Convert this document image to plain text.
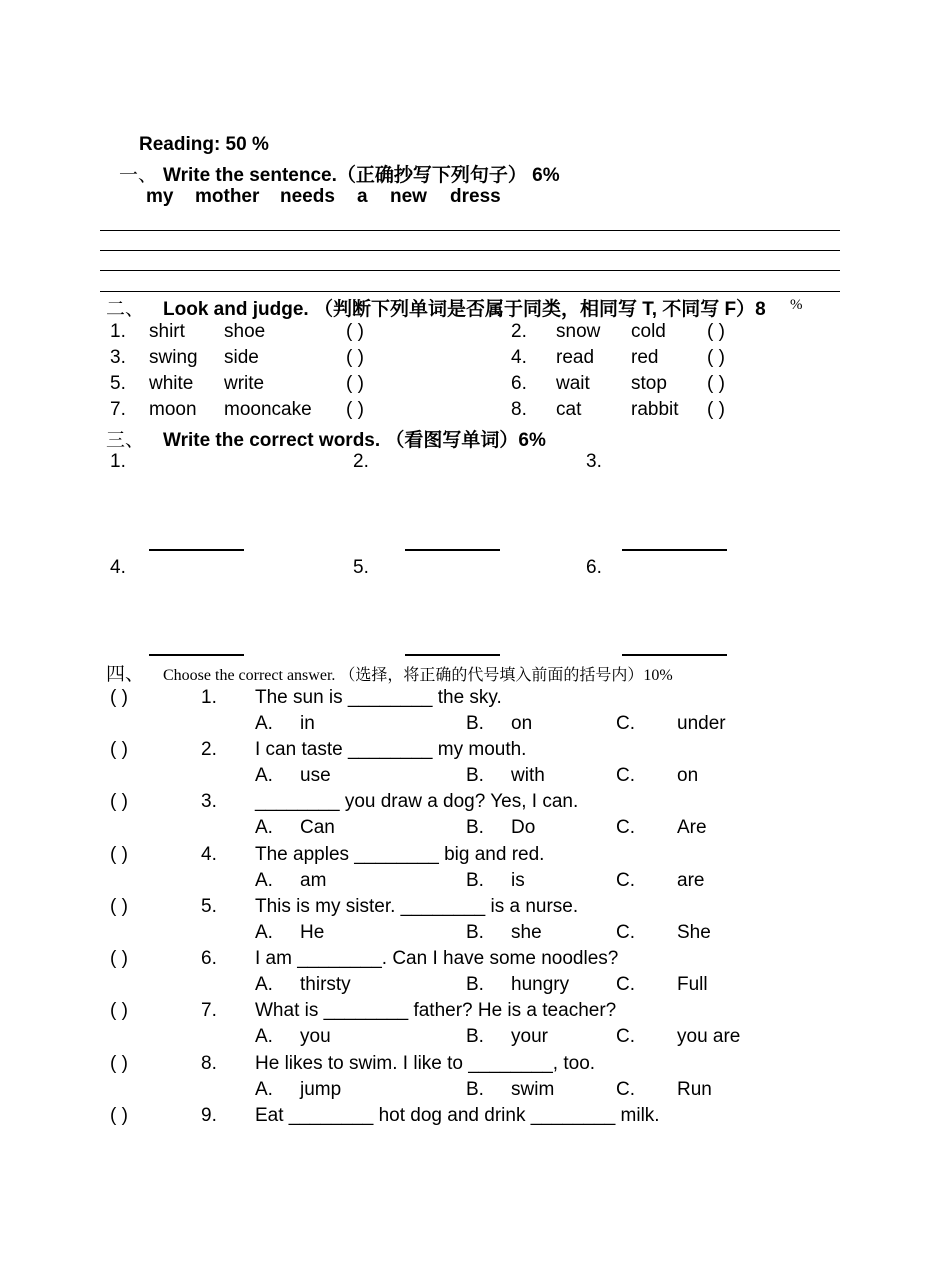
Reading: 50 %
一、 Write the sentence.（正确抄写下列句子） 6%
my mother needs a new dress
二、 Look and judge. （判断下列单词是否属于同类，相同写 T, 不同写 F）8 %
1. shirt shoe	( )	2. snow cold ( )
3. swing side	( )	4. read red	( )
5. white write	( )	6. wait stop ( )
7. moon mooncake ( )	8. cat	rabbit ( )
三、 Write the correct words. （看图写单词）6%
1.	2.	3.
4.	5.	6.
四、 Choose the correct answer. （选择，将正确的代号填入前面的括号内）10%
( )	1. The sun is ________ the sky.
A. in	B. on	C. under
( )	2. I can taste ________ my mouth.
A. use	B. with	C. on
( )	3. ________ you draw a dog? Yes, I can.
A. Can	B. Do	C. Are
( )	4. The apples ________ big and red.
A. am	B. is	C. are
( )	5. This is my sister. ________ is a nurse.
A. He	B. she	C. She
( )	6. I am ________. Can I have some noodles?
A. thirsty	B. hungry C. Full
( )	7. What is ________ father? He is a teacher?
A. you	B. your	C. you are
( )	8. He likes to swim. I like to ________, too.
A. jump	B. swim	C. Run
( )	9. Eat ________ hot dog and drink ________ milk.
